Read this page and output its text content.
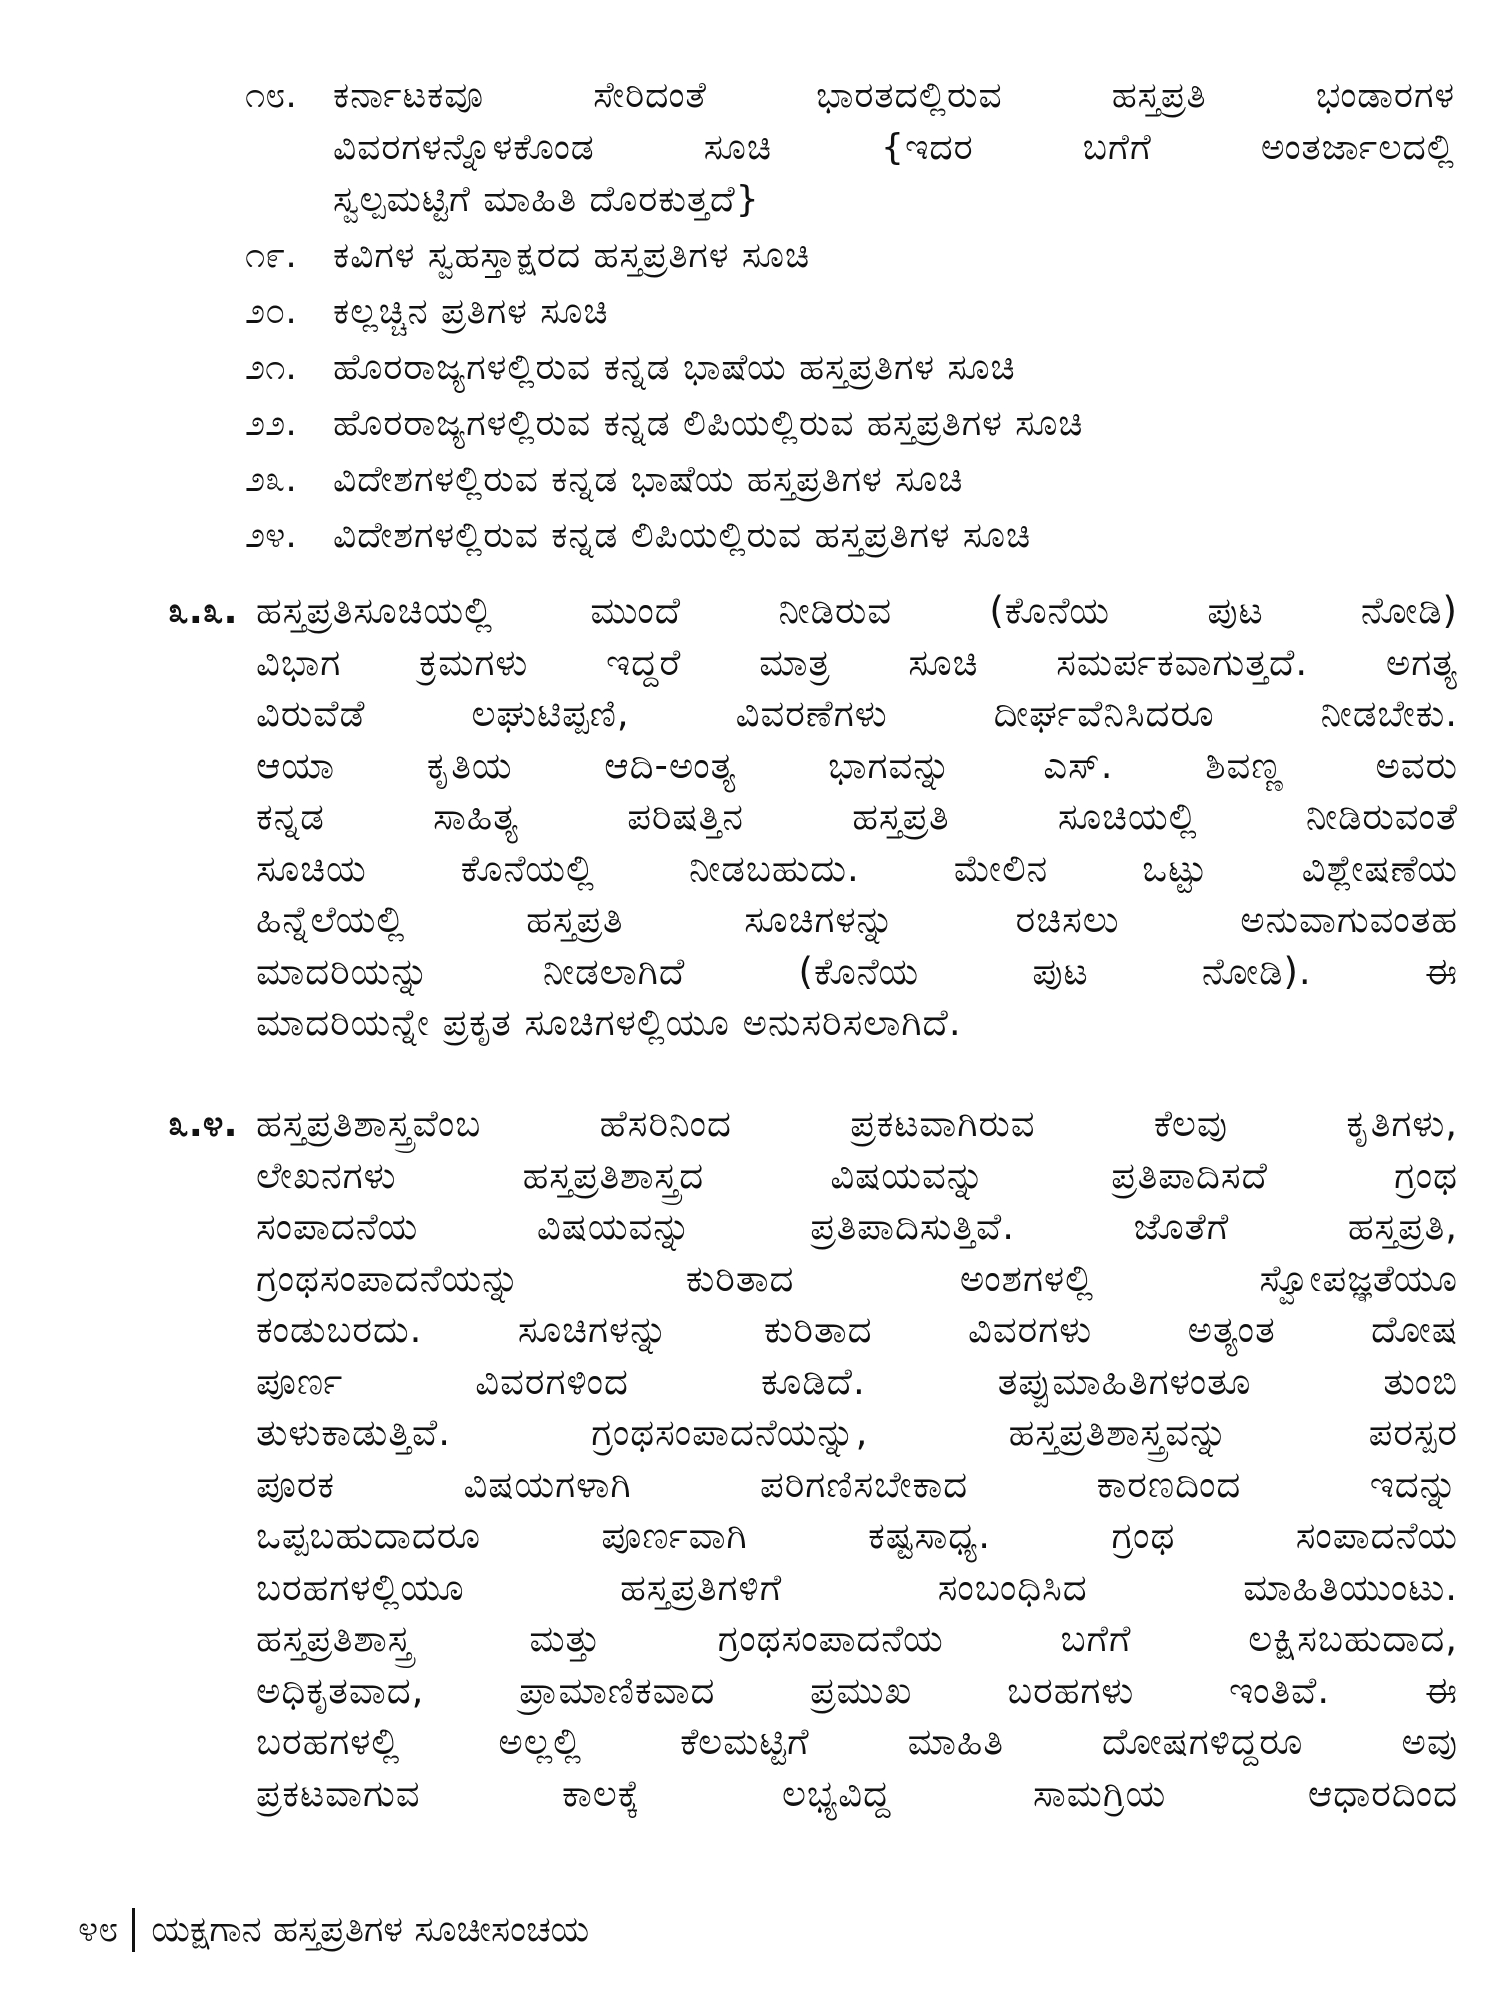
೧೮.	ಕರ್ನಾಟಕವೂ ಸೇರಿದಂತೆ ಭಾರತದಲ್ಲಿರುವ ಹಸ್ತಪ್ರತಿ ಭಂಡಾರಗಳ
ವಿವರಗಳನ್ನೊಳಕೊಂಡ ಸೂಚಿ {ಇದರ ಬಗೆಗೆ ಅಂತರ್ಜಾಲದಲ್ಲಿ
ಸ್ವಲ್ಪಮಟ್ಟಿಗೆ ಮಾಹಿತಿ ದೊರಕುತ್ತದೆ}
೧೯.	ಕವಿಗಳ ಸ್ವಹಸ್ತಾಕ್ಷರದ ಹಸ್ತಪ್ರತಿಗಳ ಸೂಚಿ
೨೦.	ಕಲ್ಲಚ್ಚಿನ ಪ್ರತಿಗಳ ಸೂಚಿ
೨೧.	ಹೊರರಾಜ್ಯಗಳಲ್ಲಿರುವ ಕನ್ನಡ ಭಾಷೆಯ ಹಸ್ತಪ್ರತಿಗಳ ಸೂಚಿ
೨೨.	ಹೊರರಾಜ್ಯಗಳಲ್ಲಿರುವ ಕನ್ನಡ ಲಿಪಿಯಲ್ಲಿರುವ ಹಸ್ತಪ್ರತಿಗಳ ಸೂಚಿ
೨೩.	ವಿದೇಶಗಳಲ್ಲಿರುವ ಕನ್ನಡ ಭಾಷೆಯ ಹಸ್ತಪ್ರತಿಗಳ ಸೂಚಿ
೨೪.	ವಿದೇಶಗಳಲ್ಲಿರುವ ಕನ್ನಡ ಲಿಪಿಯಲ್ಲಿರುವ ಹಸ್ತಪ್ರತಿಗಳ ಸೂಚಿ
೩.೩. ಹಸ್ತಪ್ರತಿಸೂಚಿಯಲ್ಲಿ ಮುಂದೆ ನೀಡಿರುವ (ಕೊನೆಯ ಪುಟ ನೋಡಿ)
ವಿಭಾಗ ಕ್ರಮಗಳು ಇದ್ದರೆ ಮಾತ್ರ ಸೂಚಿ ಸಮರ್ಪಕವಾಗುತ್ತದೆ. ಅಗತ್ಯ
ವಿರುವೆಡೆ ಲಘುಟಿಪ್ಪಣಿ, ವಿವರಣೆಗಳು ದೀರ್ಘವೆನಿಸಿದರೂ ನೀಡಬೇಕು.
ಆಯಾ ಕೃತಿಯ ಆದಿ-ಅಂತ್ಯ ಭಾಗವನ್ನು ಎಸ್. ಶಿವಣ್ಣ ಅವರು
ಕನ್ನಡ ಸಾಹಿತ್ಯ ಪರಿಷತ್ತಿನ ಹಸ್ತಪ್ರತಿ ಸೂಚಿಯಲ್ಲಿ ನೀಡಿರುವಂತೆ
ಸೂಚಿಯ ಕೊನೆಯಲ್ಲಿ ನೀಡಬಹುದು. ಮೇಲಿನ ಒಟ್ಟು ವಿಶ್ಲೇಷಣೆಯ
ಹಿನ್ನೆಲೆಯಲ್ಲಿ ಹಸ್ತಪ್ರತಿ ಸೂಚಿಗಳನ್ನು ರಚಿಸಲು ಅನುವಾಗುವಂತಹ
ಮಾದರಿಯನ್ನು ನೀಡಲಾಗಿದೆ (ಕೊನೆಯ ಪುಟ ನೋಡಿ). ಈ
ಮಾದರಿಯನ್ನೇ ಪ್ರಕೃತ ಸೂಚಿಗಳಲ್ಲಿಯೂ ಅನುಸರಿಸಲಾಗಿದೆ.
೩.೪. ಹಸ್ತಪ್ರತಿಶಾಸ್ತ್ರವೆಂಬ ಹೆಸರಿನಿಂದ ಪ್ರಕಟವಾಗಿರುವ ಕೆಲವು ಕೃತಿಗಳು,
ಲೇಖನಗಳು ಹಸ್ತಪ್ರತಿಶಾಸ್ತ್ರದ ವಿಷಯವನ್ನು ಪ್ರತಿಪಾದಿಸದೆ ಗ್ರಂಥ
ಸಂಪಾದನೆಯ ವಿಷಯವನ್ನು ಪ್ರತಿಪಾದಿಸುತ್ತಿವೆ. ಜೊತೆಗೆ ಹಸ್ತಪ್ರತಿ,
ಗ್ರಂಥಸಂಪಾದನೆಯನ್ನು ಕುರಿತಾದ ಅಂಶಗಳಲ್ಲಿ ಸ್ವೋಪಜ್ಞತೆಯೂ
ಕಂಡುಬರದು. ಸೂಚಿಗಳನ್ನು ಕುರಿತಾದ ವಿವರಗಳು ಅತ್ಯಂತ ದೋಷ
ಪೂರ್ಣ ವಿವರಗಳಿಂದ ಕೂಡಿದೆ. ತಪ್ಪುಮಾಹಿತಿಗಳಂತೂ ತುಂಬಿ
ತುಳುಕಾಡುತ್ತಿವೆ. ಗ್ರಂಥಸಂಪಾದನೆಯನ್ನು, ಹಸ್ತಪ್ರತಿಶಾಸ್ತ್ರವನ್ನು ಪರಸ್ಪರ
ಪೂರಕ ವಿಷಯಗಳಾಗಿ ಪರಿಗಣಿಸಬೇಕಾದ ಕಾರಣದಿಂದ ಇದನ್ನು
ಒಪ್ಪಬಹುದಾದರೂ ಪೂರ್ಣವಾಗಿ ಕಷ್ಟಸಾಧ್ಯ. ಗ್ರಂಥ ಸಂಪಾದನೆಯ
ಬರಹಗಳಲ್ಲಿಯೂ ಹಸ್ತಪ್ರತಿಗಳಿಗೆ ಸಂಬಂಧಿಸಿದ ಮಾಹಿತಿಯುಂಟು.
ಹಸ್ತಪ್ರತಿಶಾಸ್ತ್ರ ಮತ್ತು ಗ್ರಂಥಸಂಪಾದನೆಯ ಬಗೆಗೆ ಲಕ್ಷಿಸಬಹುದಾದ,
ಅಧಿಕೃತವಾದ, ಪ್ರಾಮಾಣಿಕವಾದ ಪ್ರಮುಖ ಬರಹಗಳು ಇಂತಿವೆ. ಈ
ಬರಹಗಳಲ್ಲಿ ಅಲ್ಲಲ್ಲಿ ಕೆಲಮಟ್ಟಿಗೆ ಮಾಹಿತಿ ದೋಷಗಳಿದ್ದರೂ ಅವು
ಪ್ರಕಟವಾಗುವ ಕಾಲಕ್ಕೆ ಲಭ್ಯವಿದ್ದ ಸಾಮಗ್ರಿಯ ಆಧಾರದಿಂದ
೪೮ ಯಕ್ಷಗಾನ ಹಸ್ತಪ್ರತಿಗಳ ಸೂಚೀಸಂಚಯ
